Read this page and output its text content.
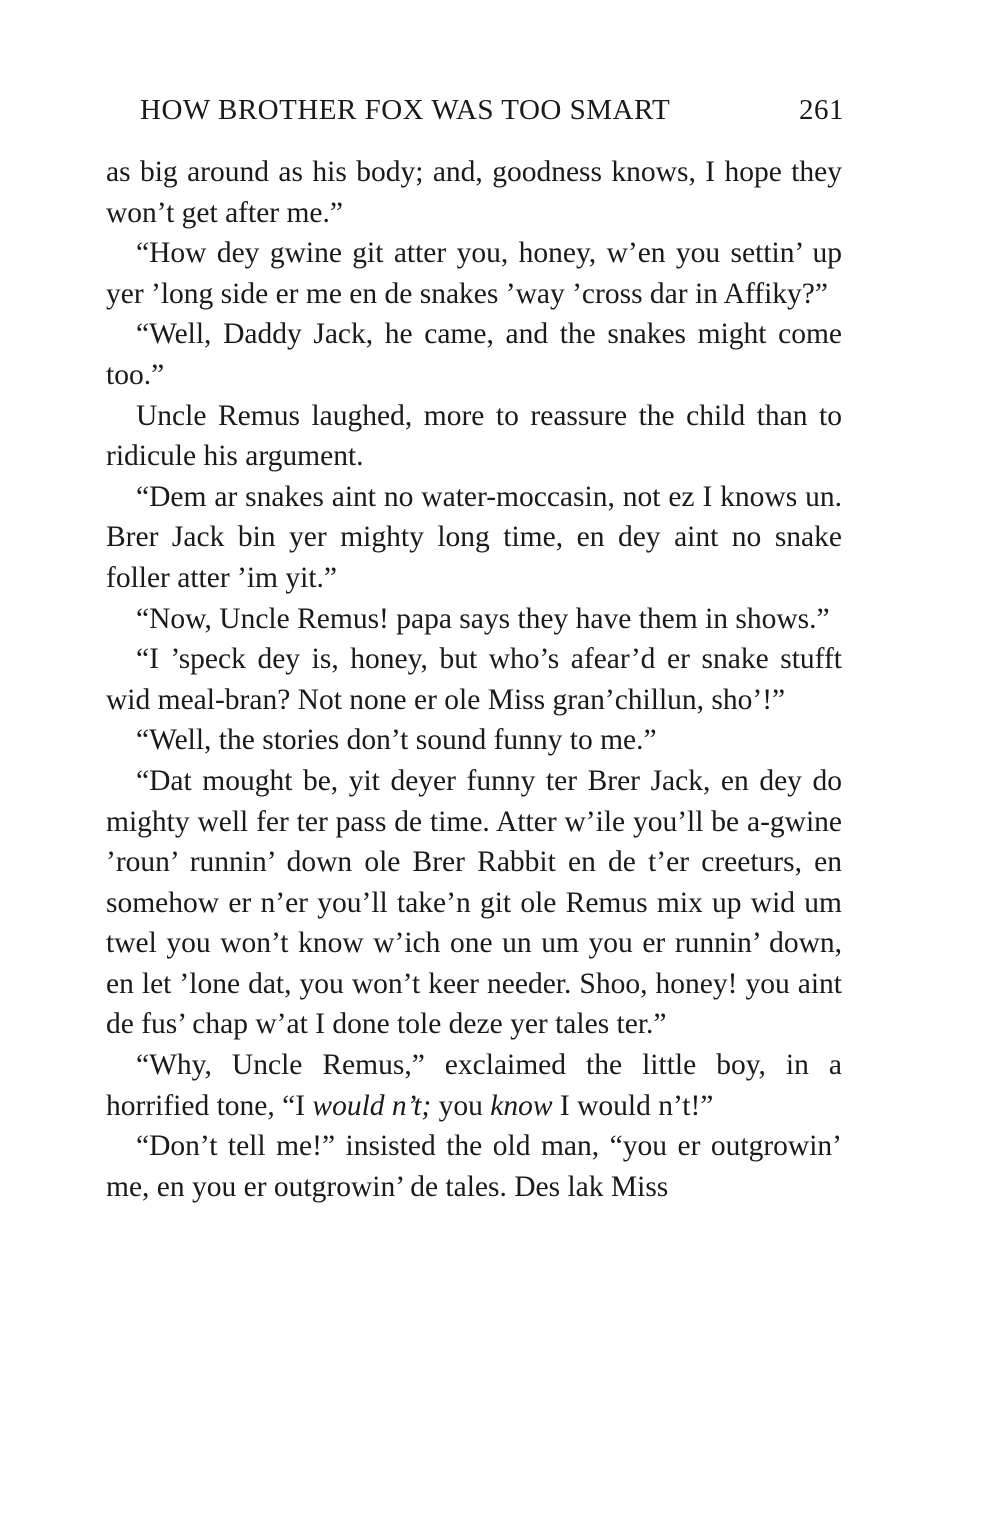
HOW BROTHER FOX WAS TOO SMART	261

as big around as his body; and, goodness knows, I hope they won’t get after me.”

“How dey gwine git atter you, honey, w’en you settin’ up yer ’long side er me en de snakes ’way ’cross dar in Affiky?”

“Well, Daddy Jack, he came, and the snakes might come too.”

Uncle Remus laughed, more to reassure the child than to ridicule his argument.

“Dem ar snakes aint no water-moccasin, not ez I knows un. Brer Jack bin yer mighty long time, en dey aint no snake foller atter ’im yit.”

“Now, Uncle Remus! papa says they have them in shows.”

“I ’speck dey is, honey, but who’s afear’d er snake stufft wid meal-bran? Not none er ole Miss gran’chillun, sho’!”

“Well, the stories don’t sound funny to me.”

“Dat mought be, yit deyer funny ter Brer Jack, en dey do mighty well fer ter pass de time. Atter w’ile you’ll be a-gwine ’roun’ runnin’ down ole Brer Rabbit en de t’er creeturs, en somehow er n’er you’ll take’n git ole Remus mix up wid um twel you won’t know w’ich one un um you er runnin’ down, en let ’lone dat, you won’t keer needer. Shoo, honey! you aint de fus’ chap w’at I done tole deze yer tales ter.”

“Why, Uncle Remus,” exclaimed the little boy, in a horrified tone, “I would n’t; you know I would n’t!”

“Don’t tell me!” insisted the old man, “you er outgrowin’ me, en you er outgrowin’ de tales. Des lak Miss
